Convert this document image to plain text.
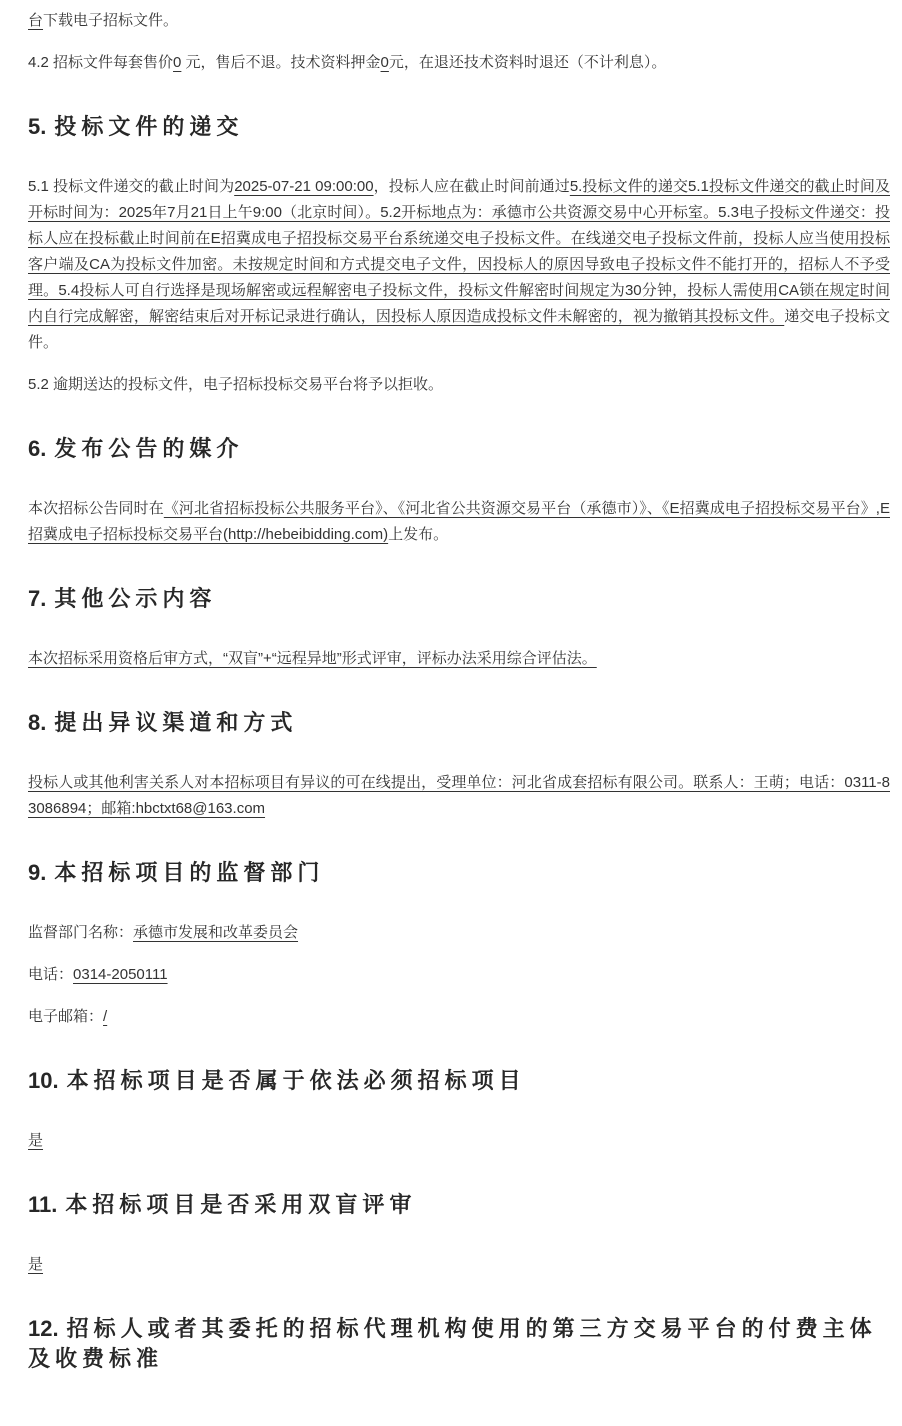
台下载电子招标文件。

4.2 招标文件每套售价0 元，售后不退。技术资料押金0元，在退还技术资料时退还（不计利息）。

5. 投标文件的递交

5.1 投标文件递交的截止时间为2025-07-21 09:00:00，投标人应在截止时间前通过5.投标文件的递交5.1投标文件递交的截止时间及开标时间为：2025年7月21日上午9:00（北京时间）。5.2开标地点为：承德市公共资源交易中心开标室。5.3电子投标文件递交：投标人应在投标截止时间前在E招冀成电子招投标交易平台系统递交电子投标文件。在线递交电子投标文件前，投标人应当使用投标客户端及CA为投标文件加密。未按规定时间和方式提交电子文件，因投标人的原因导致电子投标文件不能打开的，招标人不予受理。5.4投标人可自行选择是现场解密或远程解密电子投标文件，投标文件解密时间规定为30分钟，投标人需使用CA锁在规定时间内自行完成解密，解密结束后对开标记录进行确认，因投标人原因造成投标文件未解密的，视为撤销其投标文件。递交电子投标文件。

5.2 逾期送达的投标文件，电子招标投标交易平台将予以拒收。

6. 发布公告的媒介

本次招标公告同时在《河北省招标投标公共服务平台》、《河北省公共资源交易平台（承德市）》、《E招冀成电子招投标交易平台》,E招冀成电子招标投标交易平台(http://hebeibidding.com)上发布。

7. 其他公示内容

本次招标采用资格后审方式，“双盲”+“远程异地”形式评审，评标办法采用综合评估法。

8. 提出异议渠道和方式

投标人或其他利害关系人对本招标项目有异议的可在线提出，受理单位：河北省成套招标有限公司。联系人：王萌；电话：0311-83086894；邮箱:hbctxt68@163.com

9. 本招标项目的监督部门

监督部门名称：承德市发展和改革委员会

电话：0314-2050111

电子邮箱：/

10. 本招标项目是否属于依法必须招标项目

是

11. 本招标项目是否采用双盲评审

是

12. 招标人或者其委托的招标代理机构使用的第三方交易平台的付费主体及收费标准
